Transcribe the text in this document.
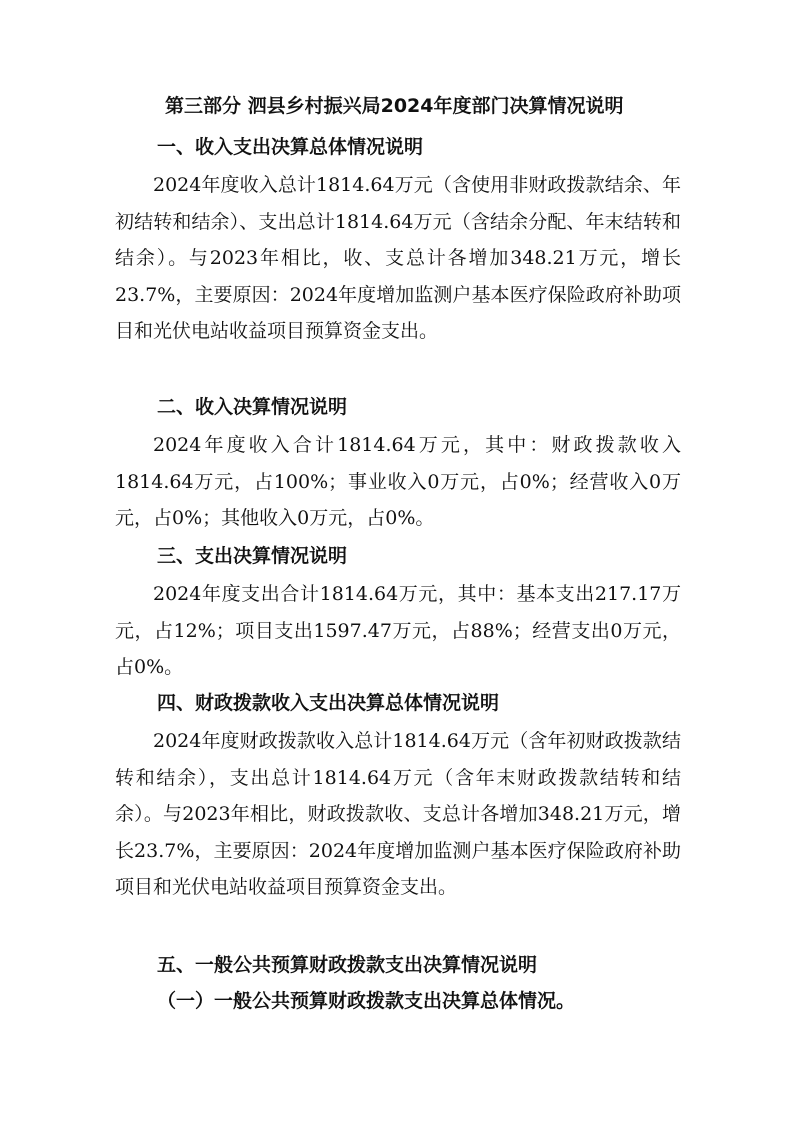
第三部分 泗县乡村振兴局2024年度部门决算情况说明
一、收入支出决算总体情况说明
2024年度收入总计1814.64万元（含使用非财政拨款结余、年初结转和结余）、支出总计1814.64万元（含结余分配、年末结转和结余）。与2023年相比，收、支总计各增加348.21万元，增长23.7%，主要原因：2024年度增加监测户基本医疗保险政府补助项目和光伏电站收益项目预算资金支出。
二、收入决算情况说明
2024年度收入合计1814.64万元，其中：财政拨款收入1814.64万元，占100%；事业收入0万元，占0%；经营收入0万元，占0%；其他收入0万元，占0%。
三、支出决算情况说明
2024年度支出合计1814.64万元，其中：基本支出217.17万元，占12%；项目支出1597.47万元，占88%；经营支出0万元，占0%。
四、财政拨款收入支出决算总体情况说明
2024年度财政拨款收入总计1814.64万元（含年初财政拨款结转和结余），支出总计1814.64万元（含年末财政拨款结转和结余）。与2023年相比，财政拨款收、支总计各增加348.21万元，增长23.7%，主要原因：2024年度增加监测户基本医疗保险政府补助项目和光伏电站收益项目预算资金支出。
五、一般公共预算财政拨款支出决算情况说明
（一）一般公共预算财政拨款支出决算总体情况。
